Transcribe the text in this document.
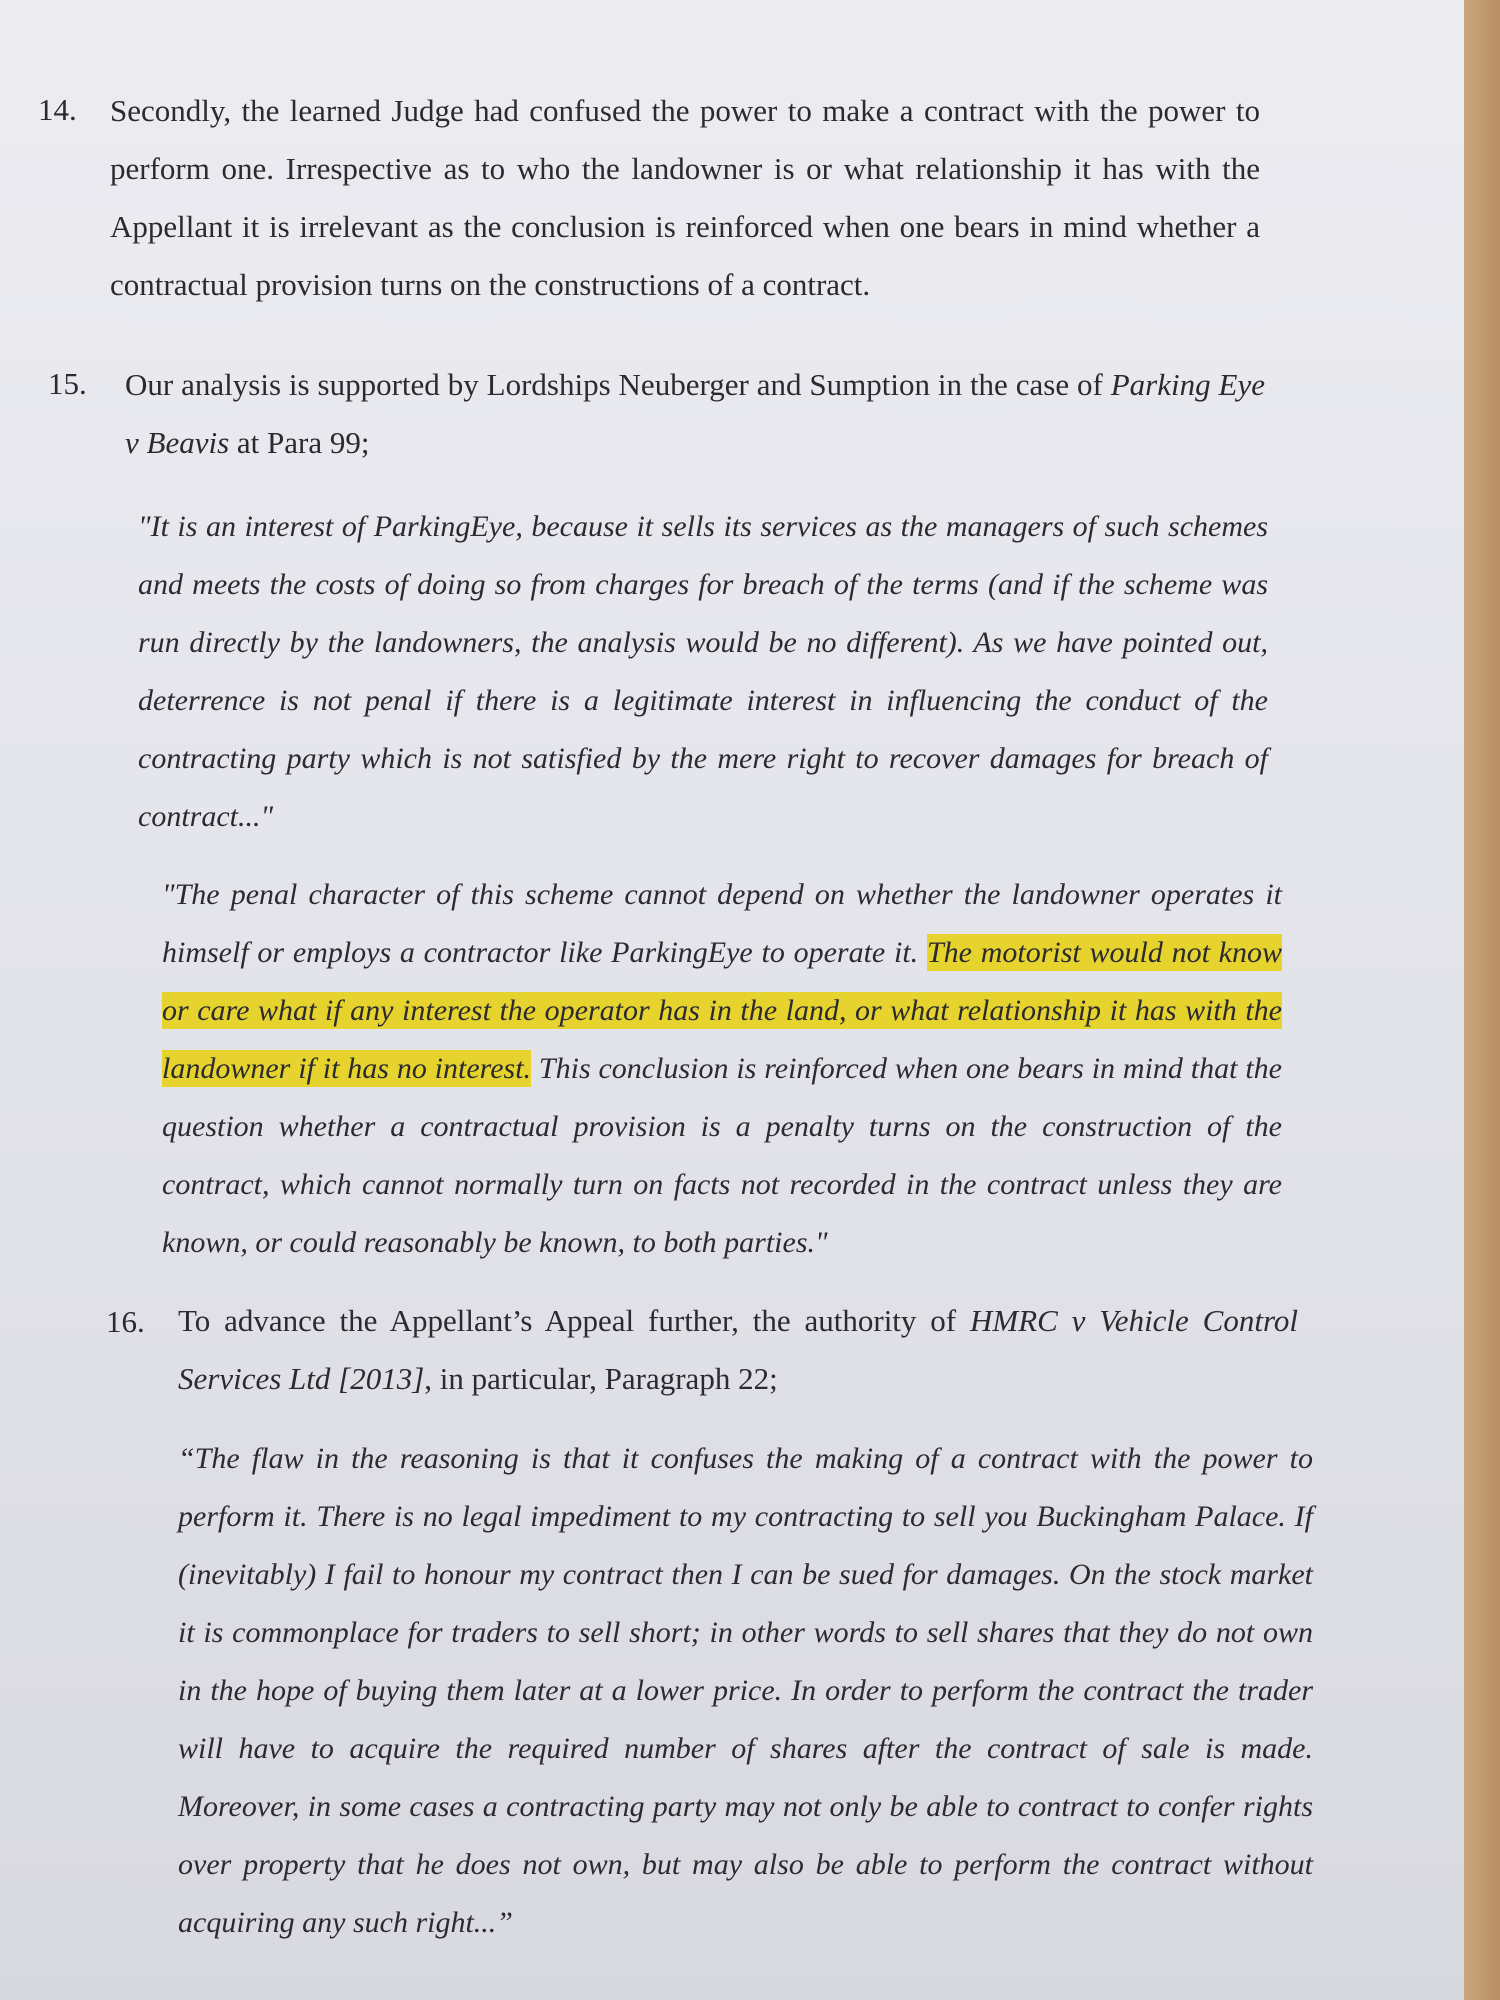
14. Secondly, the learned Judge had confused the power to make a contract with the power to perform one. Irrespective as to who the landowner is or what relationship it has with the Appellant it is irrelevant as the conclusion is reinforced when one bears in mind whether a contractual provision turns on the constructions of a contract.
15. Our analysis is supported by Lordships Neuberger and Sumption in the case of Parking Eye v Beavis at Para 99;
"It is an interest of ParkingEye, because it sells its services as the managers of such schemes and meets the costs of doing so from charges for breach of the terms (and if the scheme was run directly by the landowners, the analysis would be no different). As we have pointed out, deterrence is not penal if there is a legitimate interest in influencing the conduct of the contracting party which is not satisfied by the mere right to recover damages for breach of contract..."
"The penal character of this scheme cannot depend on whether the landowner operates it himself or employs a contractor like ParkingEye to operate it. The motorist would not know or care what if any interest the operator has in the land, or what relationship it has with the landowner if it has no interest. This conclusion is reinforced when one bears in mind that the question whether a contractual provision is a penalty turns on the construction of the contract, which cannot normally turn on facts not recorded in the contract unless they are known, or could reasonably be known, to both parties."
16. To advance the Appellant’s Appeal further, the authority of HMRC v Vehicle Control Services Ltd [2013], in particular, Paragraph 22;
“The flaw in the reasoning is that it confuses the making of a contract with the power to perform it. There is no legal impediment to my contracting to sell you Buckingham Palace. If (inevitably) I fail to honour my contract then I can be sued for damages. On the stock market it is commonplace for traders to sell short; in other words to sell shares that they do not own in the hope of buying them later at a lower price. In order to perform the contract the trader will have to acquire the required number of shares after the contract of sale is made. Moreover, in some cases a contracting party may not only be able to contract to confer rights over property that he does not own, but may also be able to perform the contract without acquiring any such right...”
